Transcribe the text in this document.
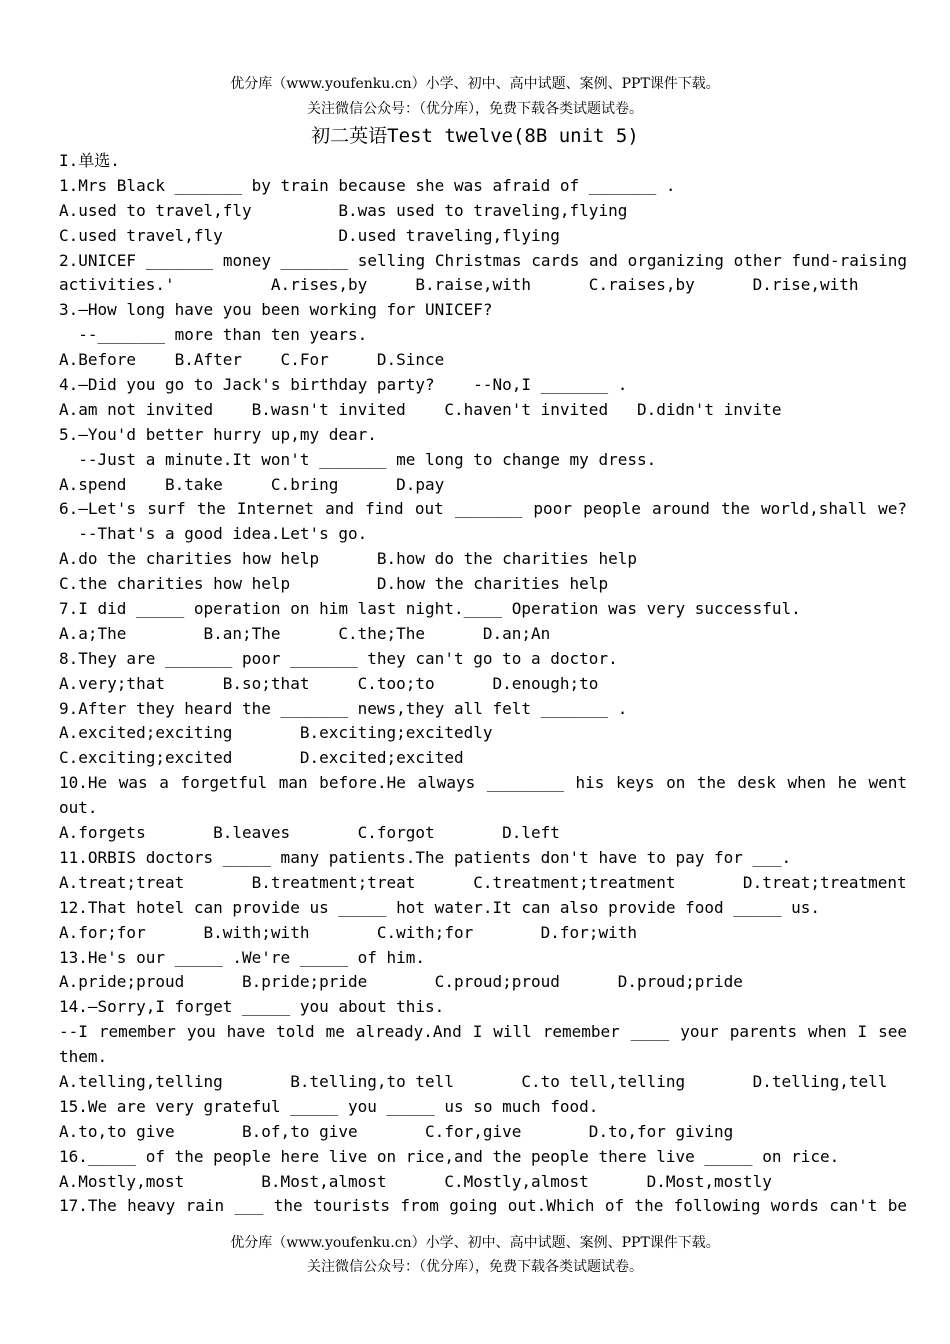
优分库（www.youfenku.cn）小学、初中、高中试题、案例、PPT课件下载。
关注微信公众号：（优分库），免费下载各类试题试卷。
初二英语Test twelve(8B unit 5)
I.单选.
1.Mrs Black _______ by train because she was afraid of _______ .
A.used to travel,fly         B.was used to traveling,flying
C.used travel,fly            D.used traveling,flying
2.UNICEF _______ money _______ selling Christmas cards and organizing other fund-raising
activities.'          A.rises,by     B.raise,with      C.raises,by      D.rise,with
3.—How long have you been working for UNICEF?
--_______ more than ten years.
A.Before    B.After    C.For     D.Since
4.—Did you go to Jack's birthday party?    --No,I _______ .
A.am not invited    B.wasn't invited    C.haven't invited   D.didn't invite
5.—You'd better hurry up,my dear.
--Just a minute.It won't _______ me long to change my dress.
A.spend    B.take     C.bring      D.pay
6.—Let's surf the Internet and find out _______ poor people around the world,shall we?
--That's a good idea.Let's go.
A.do the charities how help      B.how do the charities help
C.the charities how help         D.how the charities help
7.I did _____ operation on him last night.____ Operation was very successful.
A.a;The        B.an;The      C.the;The      D.an;An
8.They are _______ poor _______ they can't go to a doctor.
A.very;that      B.so;that     C.too;to      D.enough;to
9.After they heard the _______ news,they all felt _______ .
A.excited;exciting       B.exciting;excitedly
C.exciting;excited       D.excited;excited
10.He was a forgetful man before.He always ________ his keys on the desk when he went
out.
A.forgets       B.leaves       C.forgot       D.left
11.ORBIS doctors _____ many patients.The patients don't have to pay for ___.
A.treat;treat       B.treatment;treat      C.treatment;treatment       D.treat;treatment
12.That hotel can provide us _____ hot water.It can also provide food _____ us.
A.for;for      B.with;with       C.with;for       D.for;with
13.He's our _____ .We're _____ of him.
A.pride;proud      B.pride;pride       C.proud;proud      D.proud;pride
14.—Sorry,I forget _____ you about this.
--I remember you have told me already.And I will remember ____ your parents when I see
them.
A.telling,telling       B.telling,to tell       C.to tell,telling       D.telling,tell
15.We are very grateful _____ you _____ us so much food.
A.to,to give       B.of,to give       C.for,give       D.to,for giving
16._____ of the people here live on rice,and the people there live _____ on rice.
A.Mostly,most        B.Most,almost      C.Mostly,almost      D.Most,mostly
17.The heavy rain ___ the tourists from going out.Which of the following words can't be
优分库（www.youfenku.cn）小学、初中、高中试题、案例、PPT课件下载。
关注微信公众号：（优分库），免费下载各类试题试卷。
